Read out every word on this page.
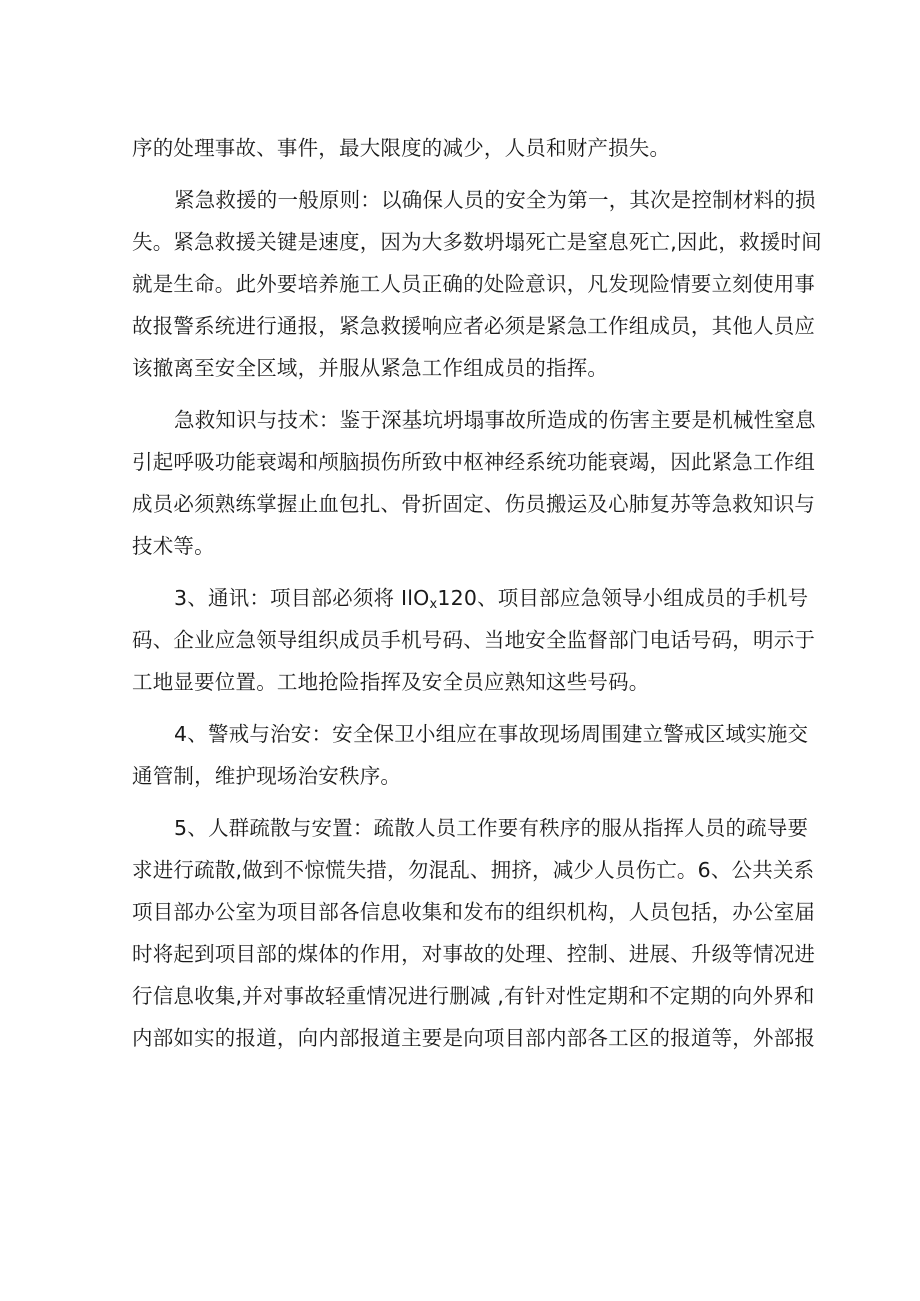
序的处理事故、事件，最大限度的减少，人员和财产损失。
紧急救援的一般原则：以确保人员的安全为第一，其次是控制材料的损
失。紧急救援关键是速度，因为大多数坍塌死亡是窒息死亡,因此，救援时间
就是生命。此外要培养施工人员正确的处险意识，凡发现险情要立刻使用事
故报警系统进行通报，紧急救援响应者必须是紧急工作组成员，其他人员应
该撤离至安全区域，并服从紧急工作组成员的指挥。
急救知识与技术：鉴于深基坑坍塌事故所造成的伤害主要是机械性窒息
引起呼吸功能衰竭和颅脑损伤所致中枢神经系统功能衰竭，因此紧急工作组
成员必须熟练掌握止血包扎、骨折固定、伤员搬运及心肺复苏等急救知识与
技术等。
3、通讯：项目部必须将 IlO$_x$120、项目部应急领导小组成员的手机号
码、企业应急领导组织成员手机号码、当地安全监督部门电话号码，明示于
工地显要位置。工地抢险指挥及安全员应熟知这些号码。
4、警戒与治安：安全保卫小组应在事故现场周围建立警戒区域实施交
通管制，维护现场治安秩序。
5、人群疏散与安置：疏散人员工作要有秩序的服从指挥人员的疏导要
求进行疏散,做到不惊慌失措，勿混乱、拥挤，减少人员伤亡。6、公共关系
项目部办公室为项目部各信息收集和发布的组织机构，人员包括，办公室届
时将起到项目部的煤体的作用，对事故的处理、控制、进展、升级等情况进
行信息收集,并对事故轻重情况进行删减 ,有针对性定期和不定期的向外界和
内部如实的报道，向内部报道主要是向项目部内部各工区的报道等，外部报
